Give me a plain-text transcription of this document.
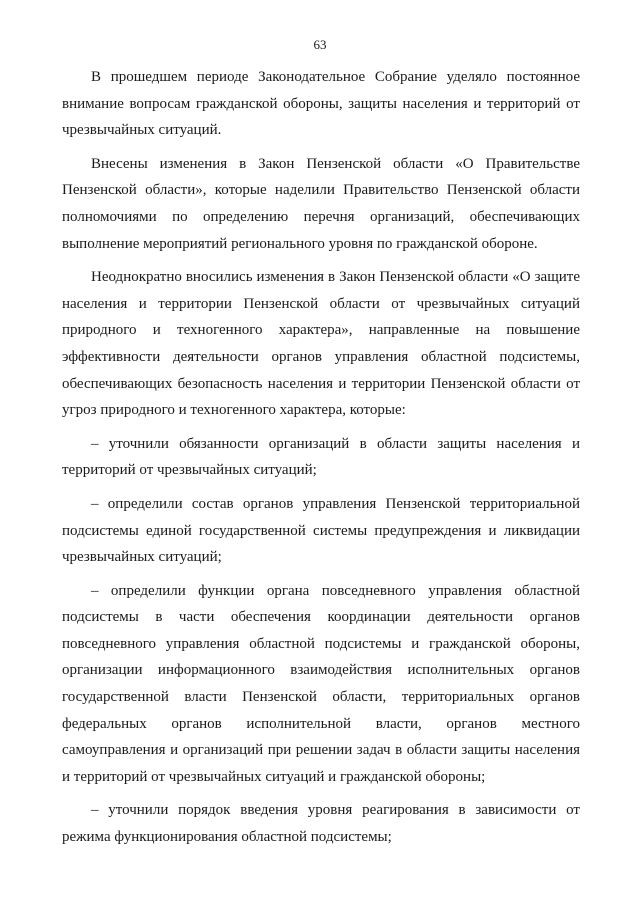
63

В прошедшем периоде Законодательное Собрание уделяло постоянное внимание вопросам гражданской обороны, защиты населения и территорий от чрезвычайных ситуаций.

Внесены изменения в Закон Пензенской области «О Правительстве Пензенской области», которые наделили Правительство Пензенской области полномочиями по определению перечня организаций, обеспечивающих выполнение мероприятий регионального уровня по гражданской обороне.

Неоднократно вносились изменения в Закон Пензенской области «О защите населения и территории Пензенской области от чрезвычайных ситуаций природного и техногенного характера», направленные на повышение эффективности деятельности органов управления областной подсистемы, обеспечивающих безопасность населения и территории Пензенской области от угроз природного и техногенного характера, которые:

– уточнили обязанности организаций в области защиты населения и территорий от чрезвычайных ситуаций;

– определили состав органов управления Пензенской территориальной подсистемы единой государственной системы предупреждения и ликвидации чрезвычайных ситуаций;

– определили функции органа повседневного управления областной подсистемы в части обеспечения координации деятельности органов повседневного управления областной подсистемы и гражданской обороны, организации информационного взаимодействия исполнительных органов государственной власти Пензенской области, территориальных органов федеральных органов исполнительной власти, органов местного самоуправления и организаций при решении задач в области защиты населения и территорий от чрезвычайных ситуаций и гражданской обороны;

– уточнили порядок введения уровня реагирования в зависимости от режима функционирования областной подсистемы;
